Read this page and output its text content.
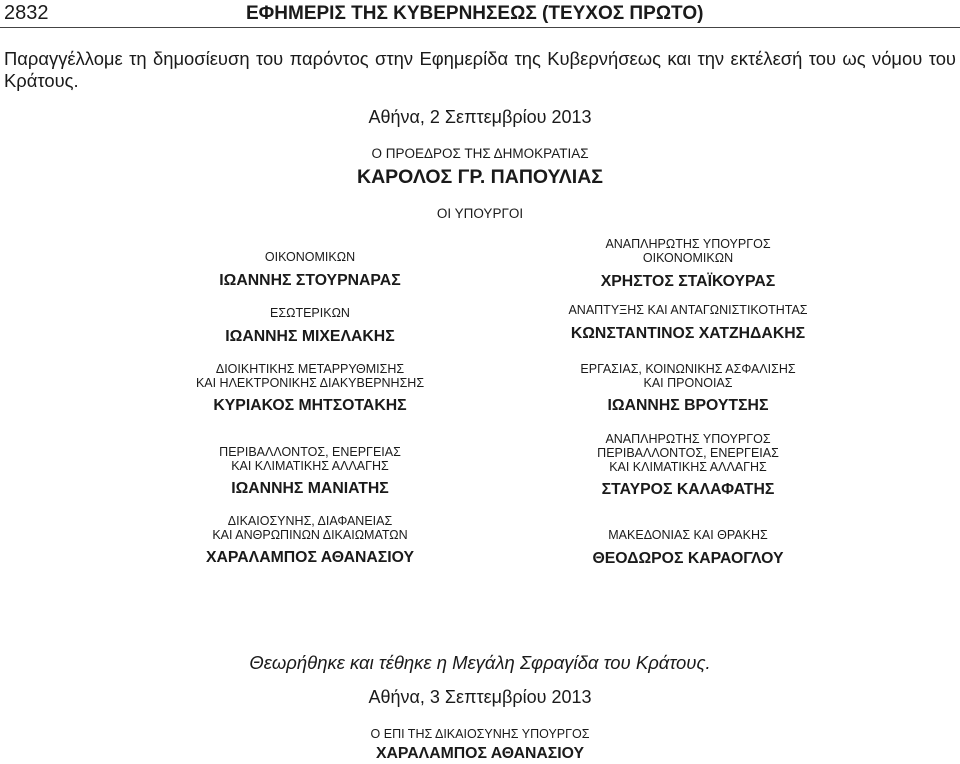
2832	ΕΦΗΜΕΡΙΣ ΤΗΣ ΚΥΒΕΡΝΗΣΕΩΣ (ΤΕΥΧΟΣ ΠΡΩΤΟ)
Παραγγέλλομε τη δημοσίευση του παρόντος στην Εφημερίδα της Κυβερνήσεως και την εκτέλεσή του ως νόμου του Κράτους.
Αθήνα, 2 Σεπτεμβρίου 2013
Ο ΠΡΟΕΔΡΟΣ ΤΗΣ ΔΗΜΟΚΡΑΤΙΑΣ
ΚΑΡΟΛΟΣ ΓΡ. ΠΑΠΟΥΛΙΑΣ
ΟΙ ΥΠΟΥΡΓΟΙ
ΟΙΚΟΝΟΜΙΚΩΝ
ΙΩΑΝΝΗΣ ΣΤΟΥΡΝΑΡΑΣ
ΕΣΩΤΕΡΙΚΩΝ
ΙΩΑΝΝΗΣ ΜΙΧΕΛΑΚΗΣ
ΔΙΟΙΚΗΤΙΚΗΣ ΜΕΤΑΡΡΥΘΜΙΣΗΣ
ΚΑΙ ΗΛΕΚΤΡΟΝΙΚΗΣ ΔΙΑΚΥΒΕΡΝΗΣΗΣ
ΚΥΡΙΑΚΟΣ ΜΗΤΣΟΤΑΚΗΣ
ΠΕΡΙΒΑΛΛΟΝΤΟΣ, ΕΝΕΡΓΕΙΑΣ
ΚΑΙ ΚΛΙΜΑΤΙΚΗΣ ΑΛΛΑΓΗΣ
ΙΩΑΝΝΗΣ ΜΑΝΙΑΤΗΣ
ΔΙΚΑΙΟΣΥΝΗΣ, ΔΙΑΦΑΝΕΙΑΣ
ΚΑΙ ΑΝΘΡΩΠΙΝΩΝ ΔΙΚΑΙΩΜΑΤΩΝ
ΧΑΡΑΛΑΜΠΟΣ ΑΘΑΝΑΣΙΟΥ
ΑΝΑΠΛΗΡΩΤΗΣ ΥΠΟΥΡΓΟΣ
ΟΙΚΟΝΟΜΙΚΩΝ
ΧΡΗΣΤΟΣ ΣΤΑΪΚΟΥΡΑΣ
ΑΝΑΠΤΥΞΗΣ ΚΑΙ ΑΝΤΑΓΩΝΙΣΤΙΚΟΤΗΤΑΣ
ΚΩΝΣΤΑΝΤΙΝΟΣ ΧΑΤΖΗΔΑΚΗΣ
ΕΡΓΑΣΙΑΣ, ΚΟΙΝΩΝΙΚΗΣ ΑΣΦΑΛΙΣΗΣ
ΚΑΙ ΠΡΟΝΟΙΑΣ
ΙΩΑΝΝΗΣ ΒΡΟΥΤΣΗΣ
ΑΝΑΠΛΗΡΩΤΗΣ ΥΠΟΥΡΓΟΣ
ΠΕΡΙΒΑΛΛΟΝΤΟΣ, ΕΝΕΡΓΕΙΑΣ
ΚΑΙ ΚΛΙΜΑΤΙΚΗΣ ΑΛΛΑΓΗΣ
ΣΤΑΥΡΟΣ ΚΑΛΑΦΑΤΗΣ
ΜΑΚΕΔΟΝΙΑΣ ΚΑΙ ΘΡΑΚΗΣ
ΘΕΟΔΩΡΟΣ ΚΑΡΑΟΓΛΟΥ
Θεωρήθηκε και τέθηκε η Μεγάλη Σφραγίδα του Κράτους.
Αθήνα, 3 Σεπτεμβρίου 2013
Ο ΕΠΙ ΤΗΣ ΔΙΚΑΙΟΣΥΝΗΣ ΥΠΟΥΡΓΟΣ
ΧΑΡΑΛΑΜΠΟΣ ΑΘΑΝΑΣΙΟΥ
